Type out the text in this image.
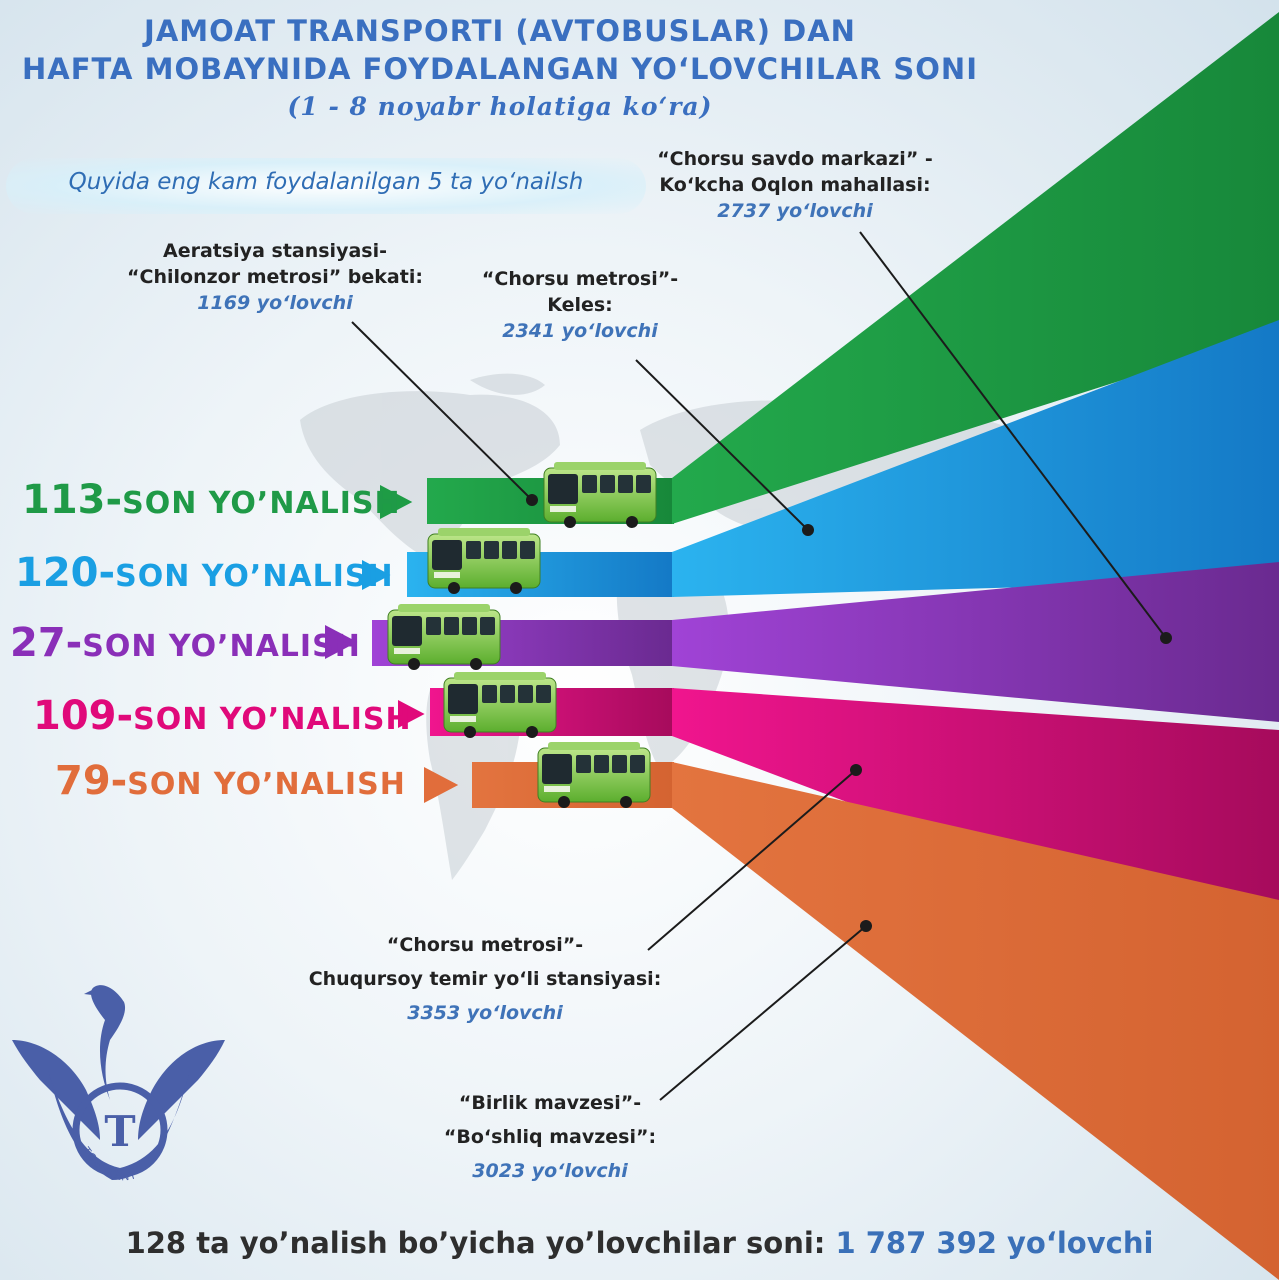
T
TOSHKENT
JAMOAT TRANSPORTI (AVTOBUSLAR) DAN
HAFTA MOBAYNIDA FOYDALANGAN YO‘LOVCHILAR SONI
(1 - 8 noyabr holatiga ko‘ra)
Quyida eng kam foydalanilgan 5 ta yo‘nailsh
113-SON YO’NALISH
120-SON YO’NALISH
27-SON YO’NALISH
109-SON YO’NALISH
79-SON YO’NALISH
Aeratsiya stansiyasi-
“Chilonzor metrosi” bekati:
1169 yo‘lovchi
“Chorsu metrosi”-
Keles:
2341 yo‘lovchi
“Chorsu savdo markazi” -
Ko‘kcha Oqlon mahallasi:
2737 yo‘lovchi
“Chorsu metrosi”-
Chuqursoy temir yo‘li stansiyasi:
3353 yo‘lovchi
“Birlik mavzesi”-
“Bo‘shliq mavzesi”:
3023 yo‘lovchi
128 ta yo’nalish bo’yicha yo’lovchilar soni: 1 787 392 yo‘lovchi
